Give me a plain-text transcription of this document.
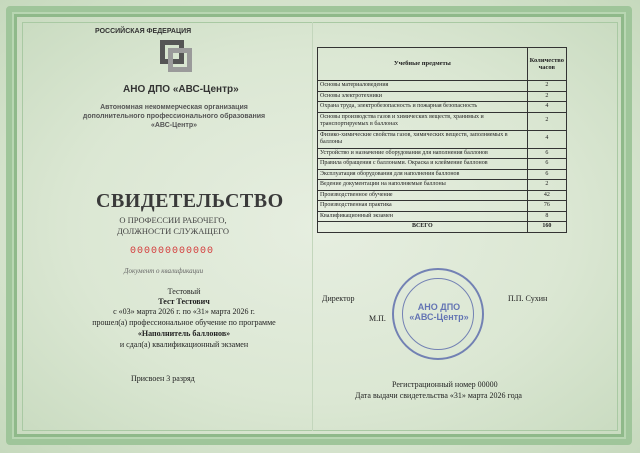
РОССИЙСКАЯ ФЕДЕРАЦИЯ
АНО ДПО «АВС-Центр»
Автономная некоммерческая организация
дополнительного профессионального образования
«АВС-Центр»
СВИДЕТЕЛЬСТВО
О ПРОФЕССИИ РАБОЧЕГО,
ДОЛЖНОСТИ СЛУЖАЩЕГО
000000000000
Документ о квалификации
Тестовый
Тест Тестович
с «03» марта 2026 г. по «31» марта 2026 г.
прошел(а) профессиональное обучение по программе
«Наполнитель баллонов»
и сдал(а) квалификационный экзамен
Присвоен 3 разряд
Учебные предметы	Количество часов
Основы материаловедения	2
Основы электротехники	2
Охрана труда, электробезопасность и пожарная безопасность	4
Основы производства газов и химических веществ, хранимых и транспортируемых в баллонах	2
Физико-химические свойства газов, химических веществ, заполняемых в баллоны	4
Устройство и назначение оборудования для наполнения баллонов	6
Правила обращения с баллонами. Окраска и клеймение баллонов	6
Эксплуатация оборудования для наполнения баллонов	6
Ведение документации на наполняемые баллоны	2
Производственное обучение	42
Производственная практика	76
Квалификационный экзамен	8
ВСЕГО	160
Директор	П.П. Сухин
М.П.
АНО ДПО «АВС-Центр»
Регистрационный номер 00000
Дата выдачи свидетельства «31» марта 2026 года
